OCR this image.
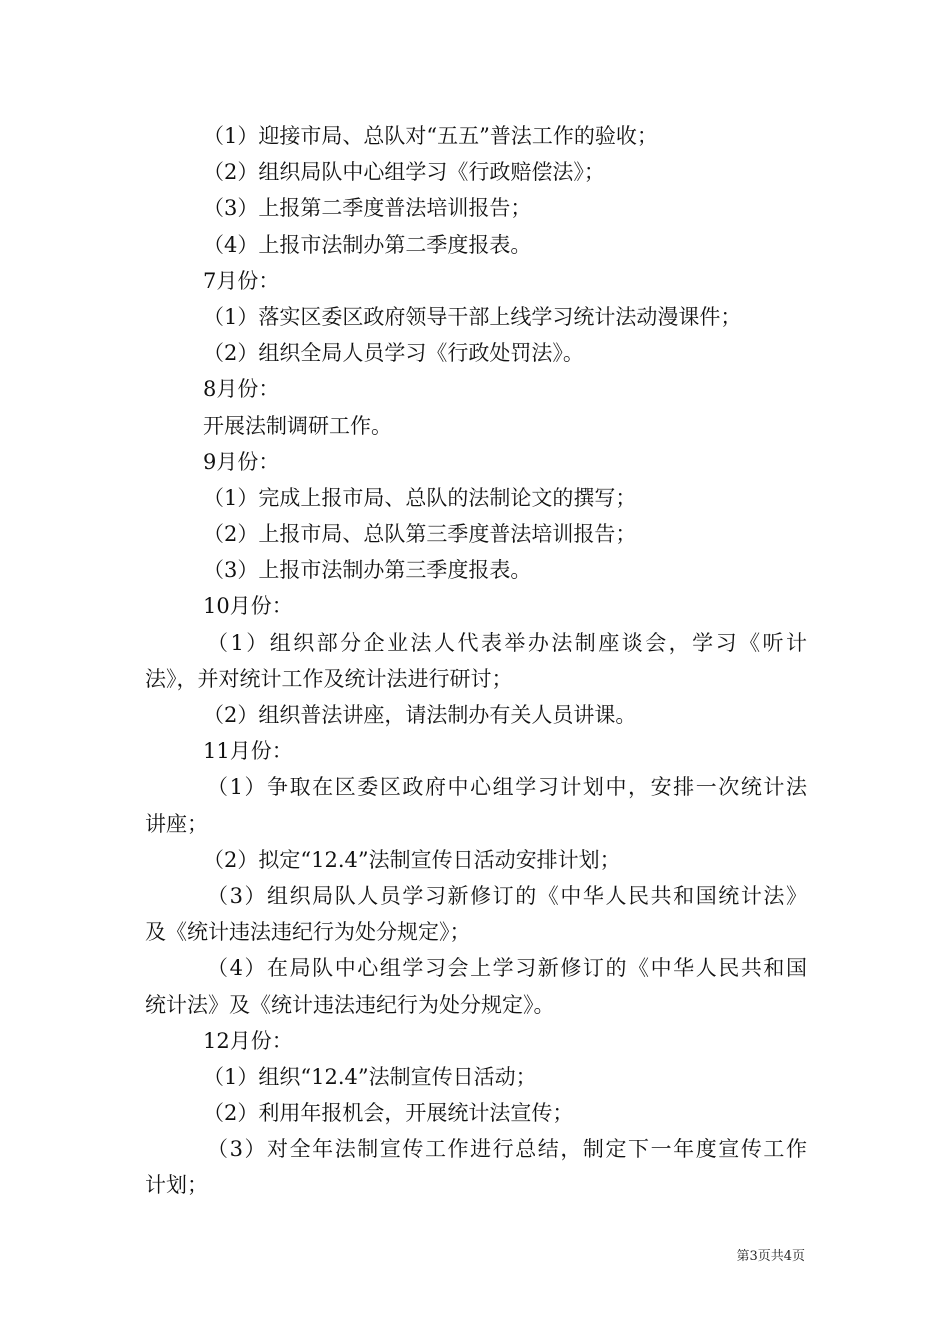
（1）迎接市局、总队对“五五”普法工作的验收；
（2）组织局队中心组学习《行政赔偿法》；
（3）上报第二季度普法培训报告；
（4）上报市法制办第二季度报表。
7月份：
（1）落实区委区政府领导干部上线学习统计法动漫课件；
（2）组织全局人员学习《行政处罚法》。
8月份：
开展法制调研工作。
9月份：
（1）完成上报市局、总队的法制论文的撰写；
（2）上报市局、总队第三季度普法培训报告；
（3）上报市法制办第三季度报表。
10月份：
（1）组织部分企业法人代表举办法制座谈会，学习《听计
法》，并对统计工作及统计法进行研讨；
（2）组织普法讲座，请法制办有关人员讲课。
11月份：
（1）争取在区委区政府中心组学习计划中，安排一次统计法
讲座；
（2）拟定“12.4”法制宣传日活动安排计划；
（3）组织局队人员学习新修订的《中华人民共和国统计法》
及《统计违法违纪行为处分规定》；
（4）在局队中心组学习会上学习新修订的《中华人民共和国
统计法》及《统计违法违纪行为处分规定》。
12月份：
（1）组织“12.4”法制宣传日活动；
（2）利用年报机会，开展统计法宣传；
（3）对全年法制宣传工作进行总结，制定下一年度宣传工作
计划；
第3页共4页
